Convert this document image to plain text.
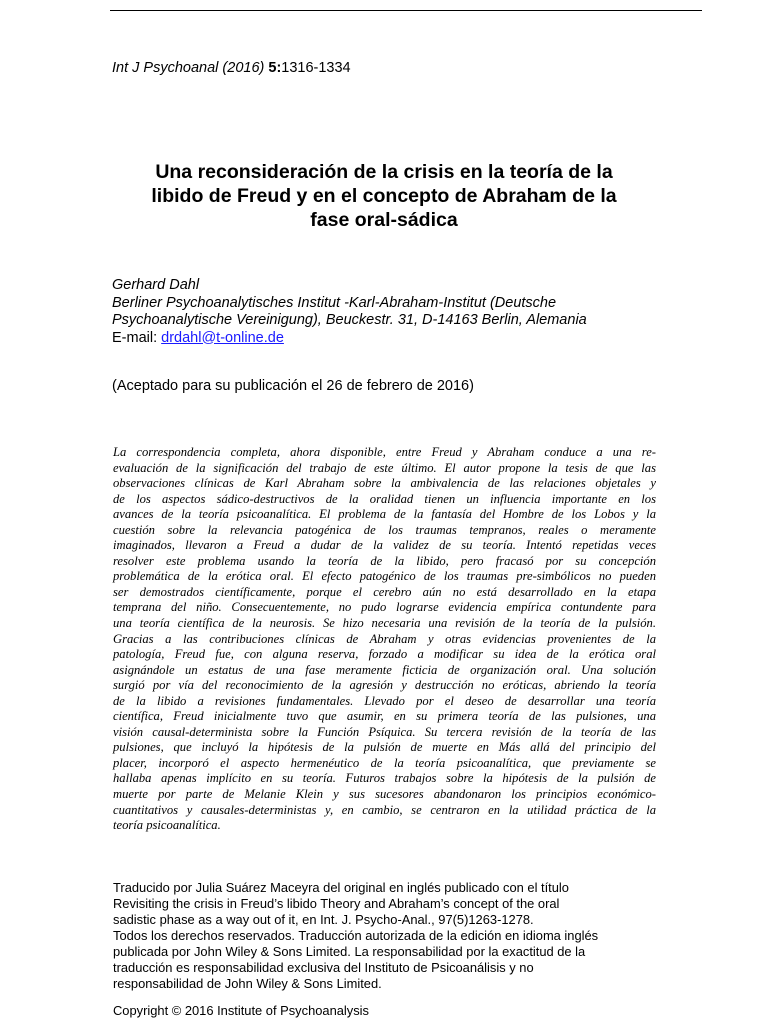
Int J Psychoanal (2016) 5:1316-1334
Una reconsideración de la crisis en la teoría de la
libido de Freud y en el concepto de Abraham de la
fase oral-sádica
Gerhard Dahl
Berliner Psychoanalytisches Institut -Karl-Abraham-Institut (Deutsche
Psychoanalytische Vereinigung), Beuckestr. 31, D-14163 Berlin, Alemania
E-mail: drdahl@t-online.de
(Aceptado para su publicación el 26 de febrero de 2016)
La correspondencia completa, ahora disponible, entre Freud y Abraham conduce a una re-
evaluación de la significación del trabajo de este último. El autor propone la tesis de que las
observaciones clínicas de Karl Abraham sobre la ambivalencia de las relaciones objetales y
de los aspectos sádico-destructivos de la oralidad tienen un influencia importante en los
avances de la teoría psicoanalítica. El problema de la fantasía del Hombre de los Lobos y la
cuestión sobre la relevancia patogénica de los traumas tempranos, reales o meramente
imaginados, llevaron a Freud a dudar de la validez de su teoría. Intentó repetidas veces
resolver este problema usando la teoría de la libido, pero fracasó por su concepción
problemática de la erótica oral. El efecto patogénico de los traumas pre-simbólicos no pueden
ser demostrados científicamente, porque el cerebro aún no está desarrollado en la etapa
temprana del niño. Consecuentemente, no pudo lograrse evidencia empírica contundente para
una teoría científica de la neurosis. Se hizo necesaria una revisión de la teoría de la pulsión.
Gracias a las contribuciones clínicas de Abraham y otras evidencias provenientes de la
patología, Freud fue, con alguna reserva, forzado a modificar su idea de la erótica oral
asignándole un estatus de una fase meramente ficticia de organización oral. Una solución
surgió por vía del reconocimiento de la agresión y destrucción no eróticas, abriendo la teoría
de la libido a revisiones fundamentales. Llevado por el deseo de desarrollar una teoría
científica, Freud inicialmente tuvo que asumir, en su primera teoría de las pulsiones, una
visión causal-determinista sobre la Función Psíquica. Su tercera revisión de la teoría de las
pulsiones, que incluyó la hipótesis de la pulsión de muerte en Más allá del principio del
placer, incorporó el aspecto hermenéutico de la teoría psicoanalítica, que previamente se
hallaba apenas implícito en su teoría. Futuros trabajos sobre la hipótesis de la pulsión de
muerte por parte de Melanie Klein y sus sucesores abandonaron los principios económico-
cuantitativos y causales-deterministas y, en cambio, se centraron en la utilidad práctica de la
teoría psicoanalítica.
Traducido por Julia Suárez Maceyra del original en inglés publicado con el título
Revisiting the crisis in Freud’s libido Theory and Abraham’s concept of the oral
sadistic phase as a way out of it, en Int. J. Psycho-Anal., 97(5)1263-1278.
Todos los derechos reservados. Traducción autorizada de la edición en idioma inglés
publicada por John Wiley & Sons Limited. La responsabilidad por la exactitud de la
traducción es responsabilidad exclusiva del Instituto de Psicoanálisis y no
responsabilidad de John Wiley & Sons Limited.
Copyright © 2016 Institute of Psychoanalysis
